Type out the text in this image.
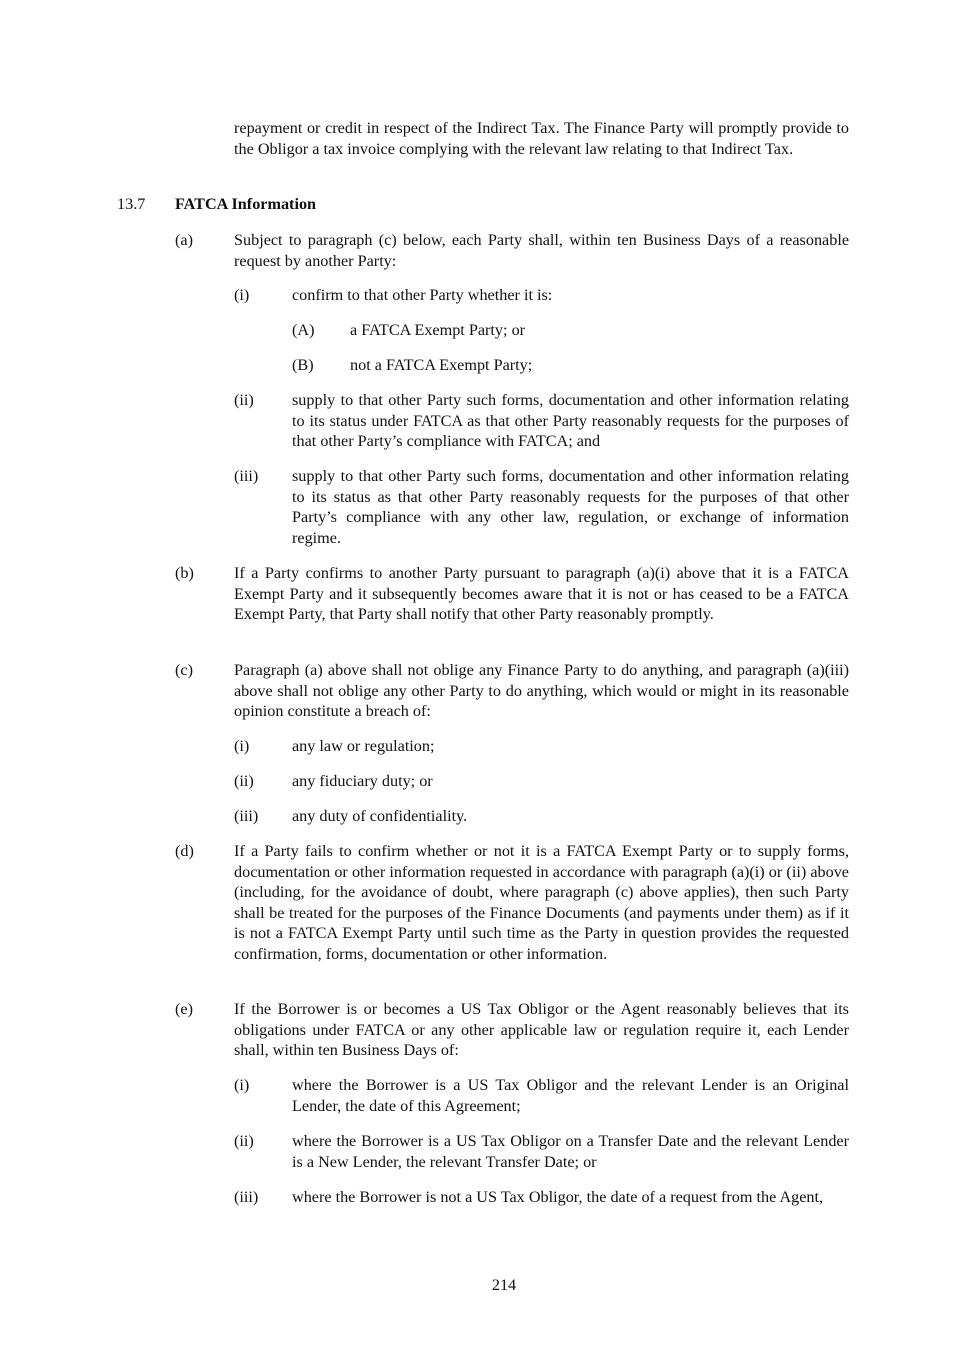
repayment or credit in respect of the Indirect Tax. The Finance Party will promptly provide to the Obligor a tax invoice complying with the relevant law relating to that Indirect Tax.
13.7 FATCA Information
(a)	Subject to paragraph (c) below, each Party shall, within ten Business Days of a reasonable request by another Party:
(i)	confirm to that other Party whether it is:
(A) a FATCA Exempt Party; or
(B) not a FATCA Exempt Party;
(ii) supply to that other Party such forms, documentation and other information relating to its status under FATCA as that other Party reasonably requests for the purposes of that other Party’s compliance with FATCA; and
(iii) supply to that other Party such forms, documentation and other information relating to its status as that other Party reasonably requests for the purposes of that other Party’s compliance with any other law, regulation, or exchange of information regime.
(b) If a Party confirms to another Party pursuant to paragraph (a)(i) above that it is a FATCA Exempt Party and it subsequently becomes aware that it is not or has ceased to be a FATCA Exempt Party, that Party shall notify that other Party reasonably promptly.
(c)	Paragraph (a) above shall not oblige any Finance Party to do anything, and paragraph (a)(iii) above shall not oblige any other Party to do anything, which would or might in its reasonable opinion constitute a breach of:
(i)	any law or regulation;
(ii) any fiduciary duty; or
(iii) any duty of confidentiality.
(d) If a Party fails to confirm whether or not it is a FATCA Exempt Party or to supply forms, documentation or other information requested in accordance with paragraph (a)(i) or (ii) above (including, for the avoidance of doubt, where paragraph (c) above applies), then such Party shall be treated for the purposes of the Finance Documents (and payments under them) as if it is not a FATCA Exempt Party until such time as the Party in question provides the requested confirmation, forms, documentation or other information.
(e)	If the Borrower is or becomes a US Tax Obligor or the Agent reasonably believes that its obligations under FATCA or any other applicable law or regulation require it, each Lender shall, within ten Business Days of:
(i)	where the Borrower is a US Tax Obligor and the relevant Lender is an Original Lender, the date of this Agreement;
(ii) where the Borrower is a US Tax Obligor on a Transfer Date and the relevant Lender is a New Lender, the relevant Transfer Date; or
(iii) where the Borrower is not a US Tax Obligor, the date of a request from the Agent,
214
